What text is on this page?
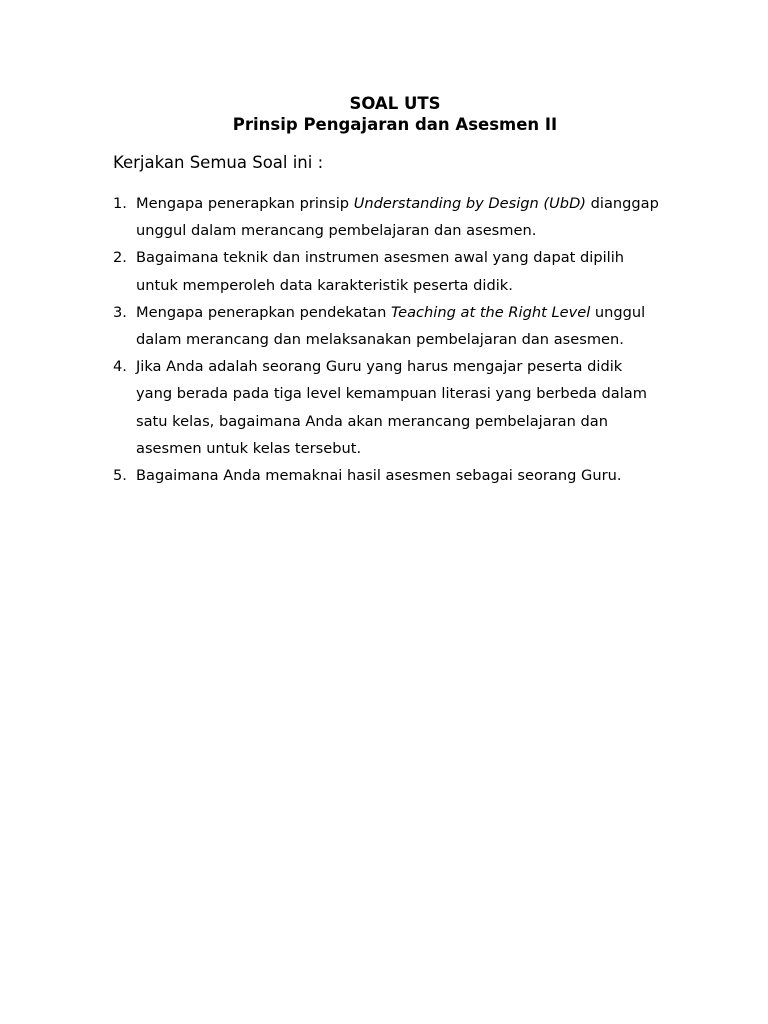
SOAL UTS
Prinsip Pengajaran dan Asesmen II
Kerjakan Semua Soal ini :
1. Mengapa penerapkan prinsip Understanding by Design (UbD) dianggap
unggul dalam merancang pembelajaran dan asesmen.
2. Bagaimana teknik dan instrumen asesmen awal yang dapat dipilih
untuk memperoleh data karakteristik peserta didik.
3. Mengapa penerapkan pendekatan Teaching at the Right Level unggul
dalam merancang dan melaksanakan pembelajaran dan asesmen.
4. Jika Anda adalah seorang Guru yang harus mengajar peserta didik
yang berada pada tiga level kemampuan literasi yang berbeda dalam
satu kelas, bagaimana Anda akan merancang pembelajaran dan
asesmen untuk kelas tersebut.
5. Bagaimana Anda memaknai hasil asesmen sebagai seorang Guru.
